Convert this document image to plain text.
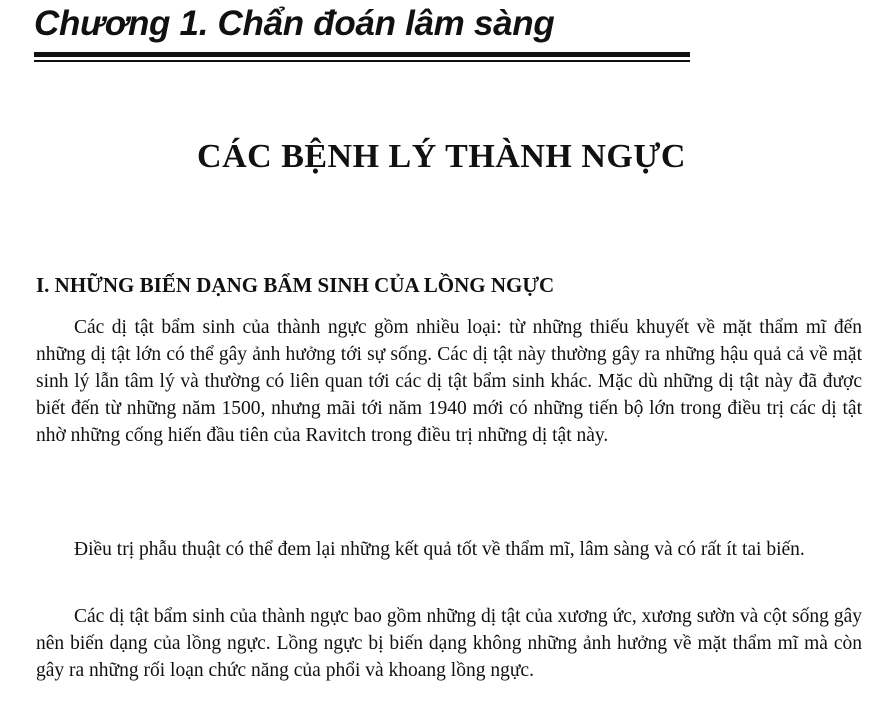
Chương 1. Chẩn đoán lâm sàng
CÁC BỆNH LÝ THÀNH NGỰC
I. NHỮNG BIẾN DẠNG BẨM SINH CỦA LỒNG NGỰC

Các dị tật bẩm sinh của thành ngực gồm nhiều loại: từ những thiếu khuyết về mặt thẩm mĩ đến những dị tật lớn có thể gây ảnh hưởng tới sự sống. Các dị tật này thường gây ra những hậu quả cả về mặt sinh lý lẫn tâm lý và thường có liên quan tới các dị tật bẩm sinh khác. Mặc dù những dị tật này đã được biết đến từ những năm 1500, nhưng mãi tới năm 1940 mới có những tiến bộ lớn trong điều trị các dị tật nhờ những cống hiến đầu tiên của Ravitch trong điều trị những dị tật này.

Điều trị phẫu thuật có thể đem lại những kết quả tốt về thẩm mĩ, lâm sàng và có rất ít tai biến.

Các dị tật bẩm sinh của thành ngực bao gồm những dị tật của xương ức, xương sườn và cột sống gây nên biến dạng của lồng ngực. Lồng ngực bị biến dạng không những ảnh hưởng về mặt thẩm mĩ mà còn gây ra những rối loạn chức năng của phổi và khoang lồng ngực.
